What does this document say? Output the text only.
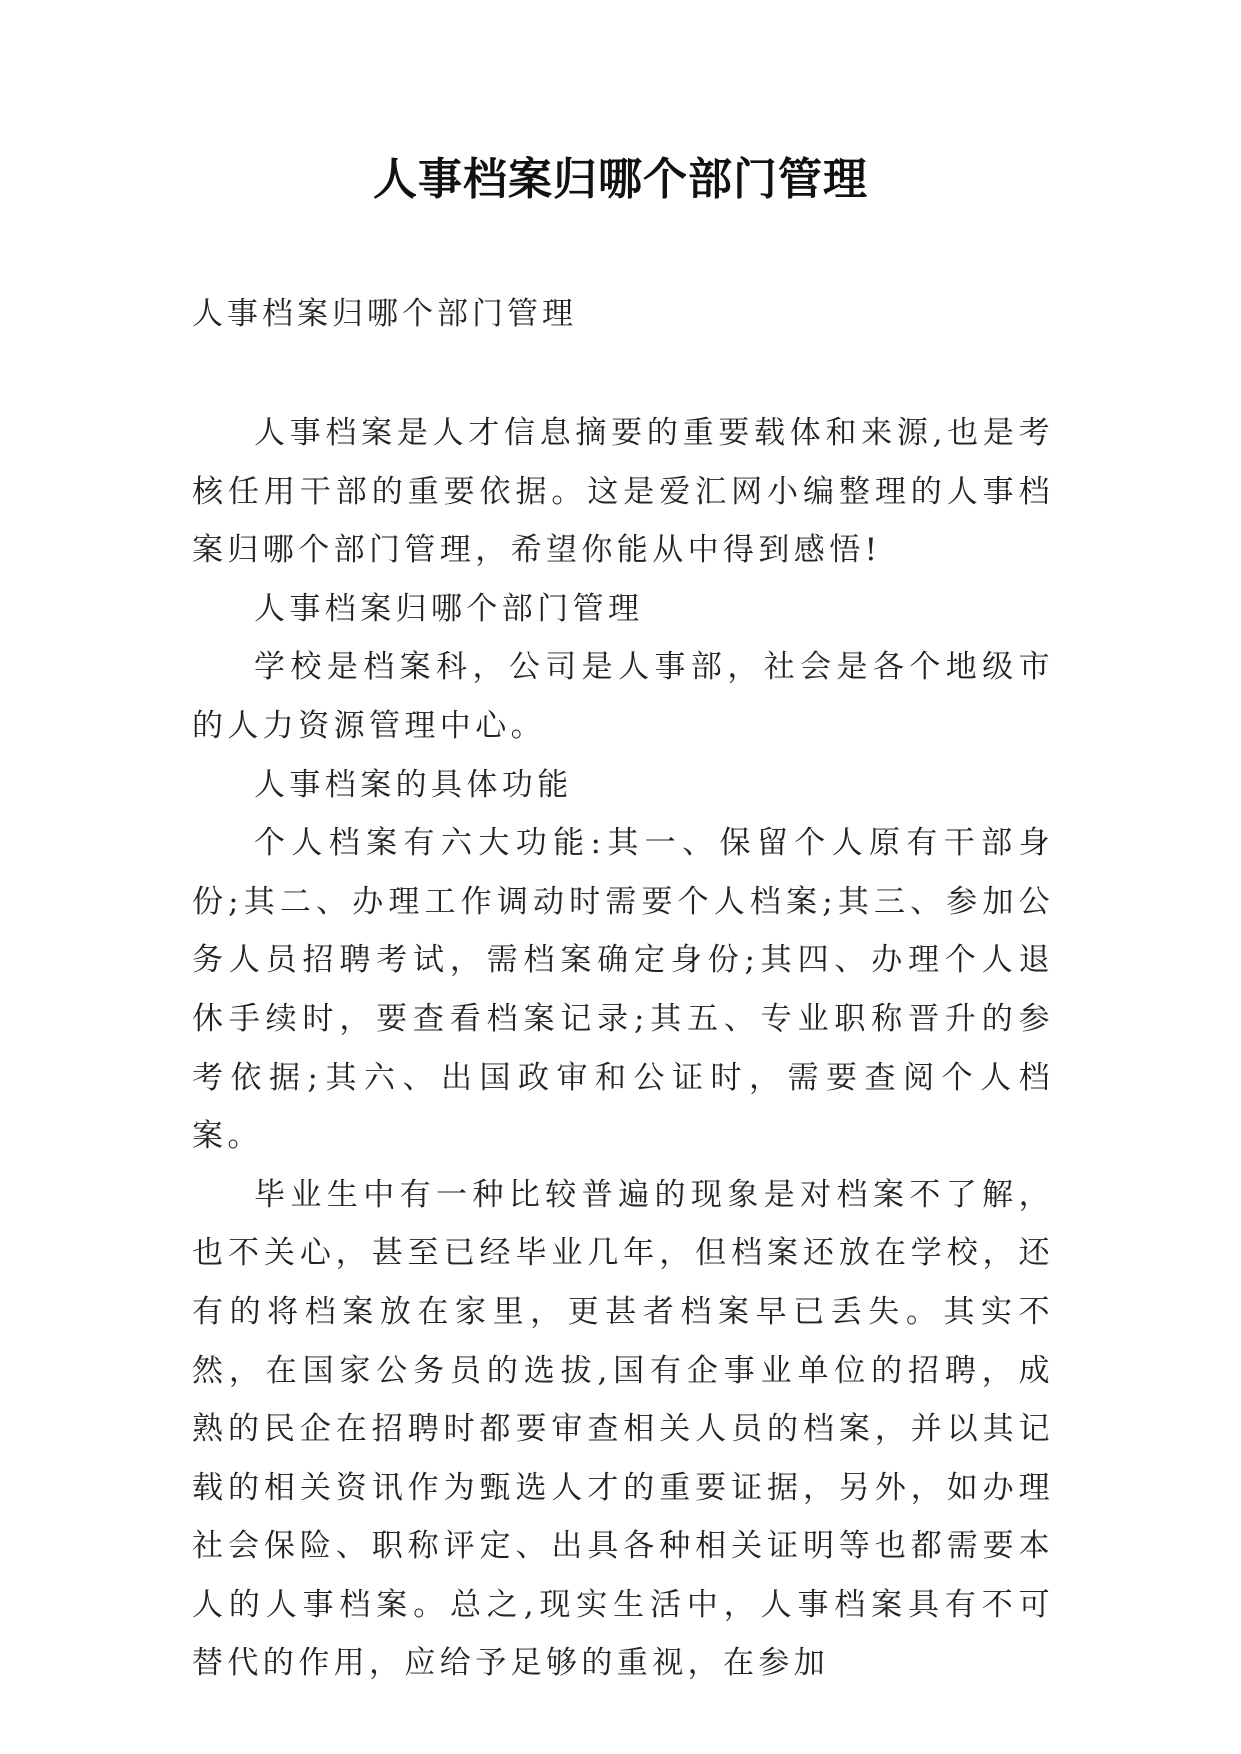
人事档案归哪个部门管理
人事档案归哪个部门管理

人事档案是人才信息摘要的重要载体和来源,也是考核任用干部的重要依据。这是爱汇网小编整理的人事档案归哪个部门管理，希望你能从中得到感悟!

人事档案归哪个部门管理

学校是档案科，公司是人事部，社会是各个地级市的人力资源管理中心。

人事档案的具体功能

个人档案有六大功能:其一、保留个人原有干部身份;其二、办理工作调动时需要个人档案;其三、参加公务人员招聘考试，需档案确定身份;其四、办理个人退休手续时，要查看档案记录;其五、专业职称晋升的参考依据;其六、出国政审和公证时，需要查阅个人档案。

毕业生中有一种比较普遍的现象是对档案不了解，也不关心，甚至已经毕业几年，但档案还放在学校，还有的将档案放在家里，更甚者档案早已丢失。其实不然，在国家公务员的选拔,国有企事业单位的招聘，成熟的民企在招聘时都要审查相关人员的档案，并以其记载的相关资讯作为甄选人才的重要证据，另外，如办理社会保险、职称评定、出具各种相关证明等也都需要本人的人事档案。总之,现实生活中，人事档案具有不可替代的作用，应给予足够的重视，在参加
